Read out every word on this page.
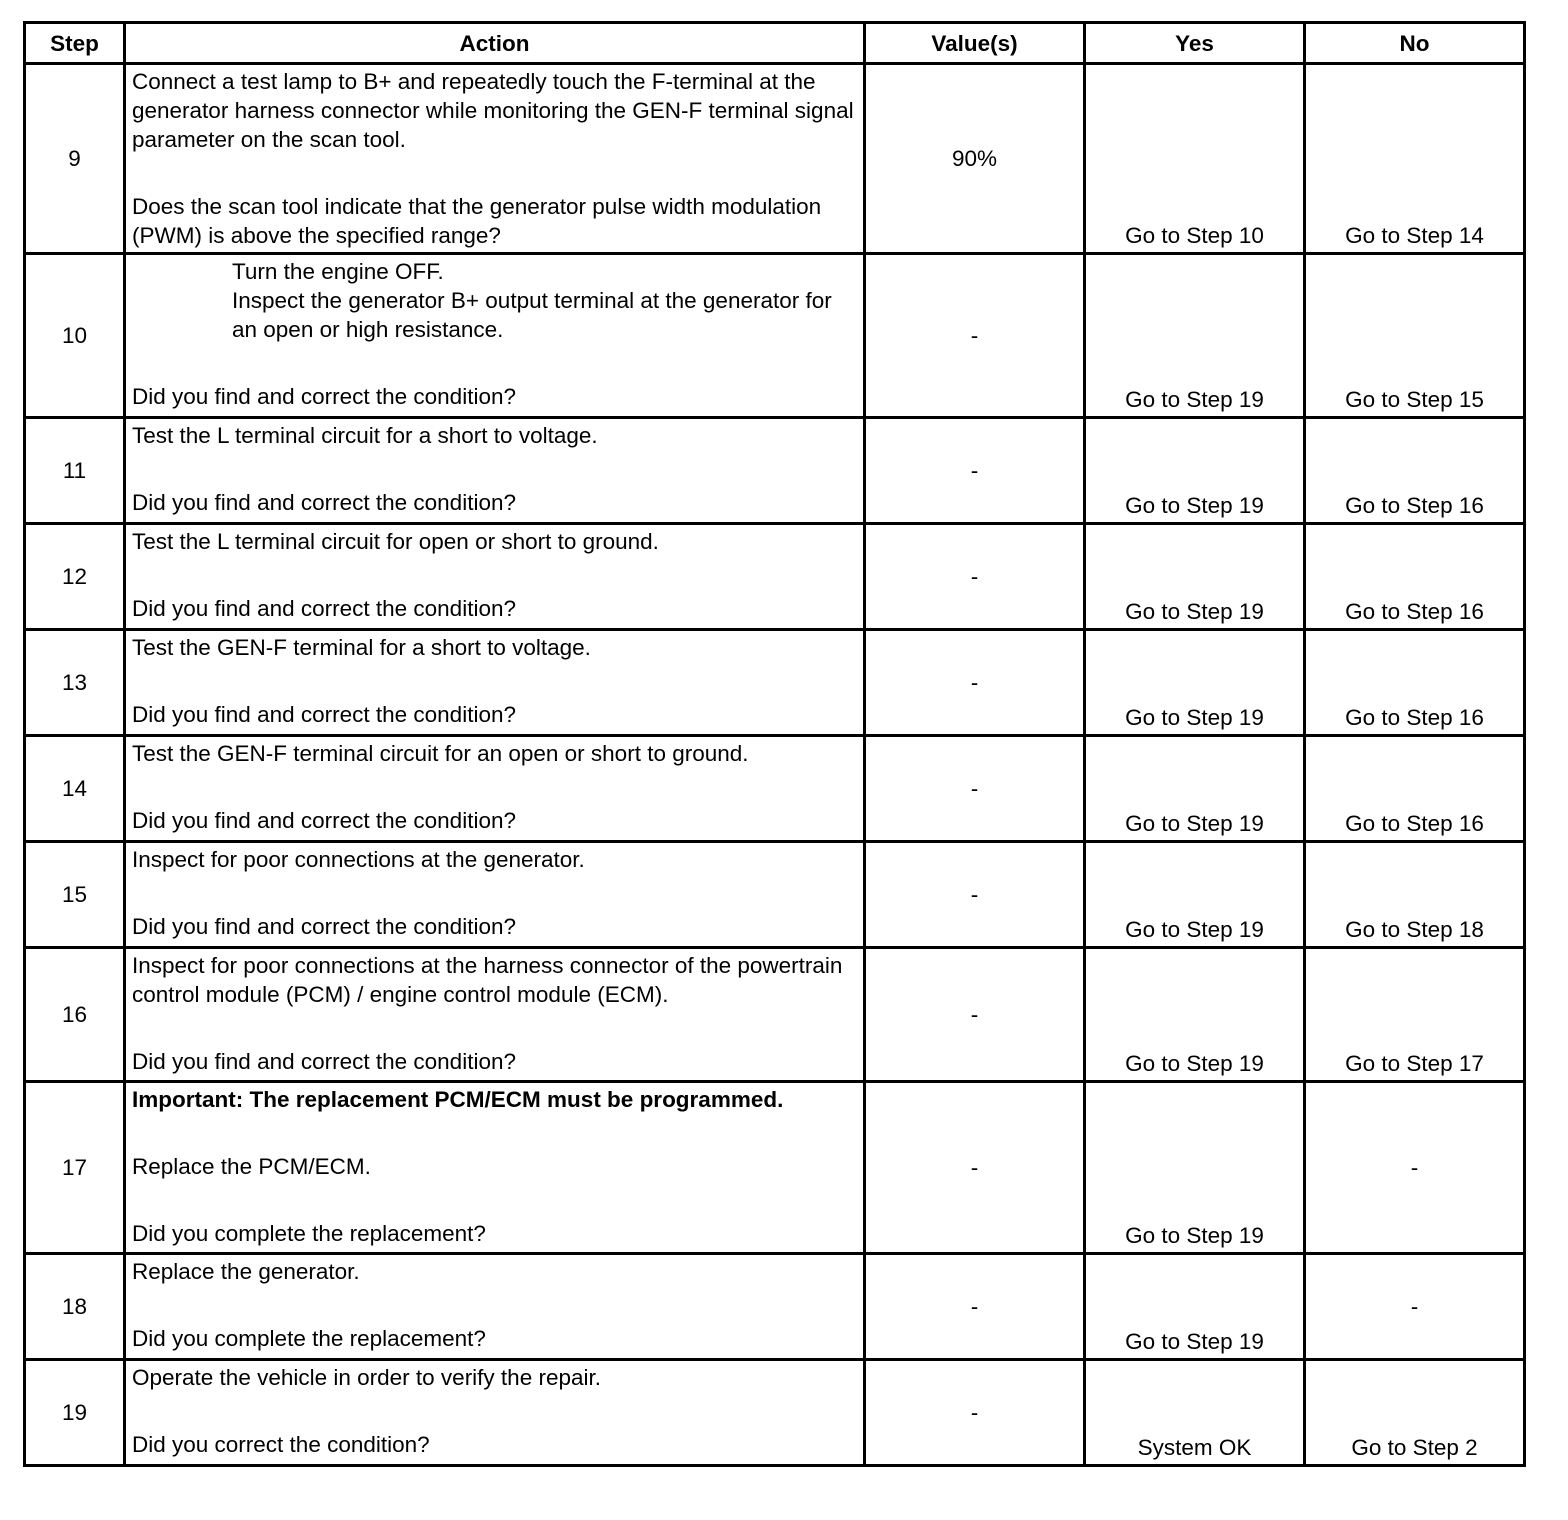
Step	Action	Value(s)	Yes	No
9	Connect a test lamp to B+ and repeatedly touch the F-terminal at the generator harness connector while monitoring the GEN-F terminal signal parameter on the scan tool.

Does the scan tool indicate that the generator pulse width modulation (PWM) is above the specified range?	90%	Go to Step 10	Go to Step 14
10	Turn the engine OFF.

Inspect the generator B+ output terminal at the generator for an open or high resistance.

Did you find and correct the condition?	-	Go to Step 19	Go to Step 15
11	Test the L terminal circuit for a short to voltage.

Did you find and correct the condition?	-	Go to Step 19	Go to Step 16
12	Test the L terminal circuit for open or short to ground.

Did you find and correct the condition?	-	Go to Step 19	Go to Step 16
13	Test the GEN-F terminal for a short to voltage.

Did you find and correct the condition?	-	Go to Step 19	Go to Step 16
14	Test the GEN-F terminal circuit for an open or short to ground.

Did you find and correct the condition?	-	Go to Step 19	Go to Step 16
15	Inspect for poor connections at the generator.

Did you find and correct the condition?	-	Go to Step 19	Go to Step 18
16	Inspect for poor connections at the harness connector of the powertrain control module (PCM) / engine control module (ECM).

Did you find and correct the condition?	-	Go to Step 19	Go to Step 17
17	Important: The replacement PCM/ECM must be programmed.

Replace the PCM/ECM.

Did you complete the replacement?	-	Go to Step 19	-
18	Replace the generator.

Did you complete the replacement?	-	Go to Step 19	-
19	Operate the vehicle in order to verify the repair.

Did you correct the condition?	-	System OK	Go to Step 2
